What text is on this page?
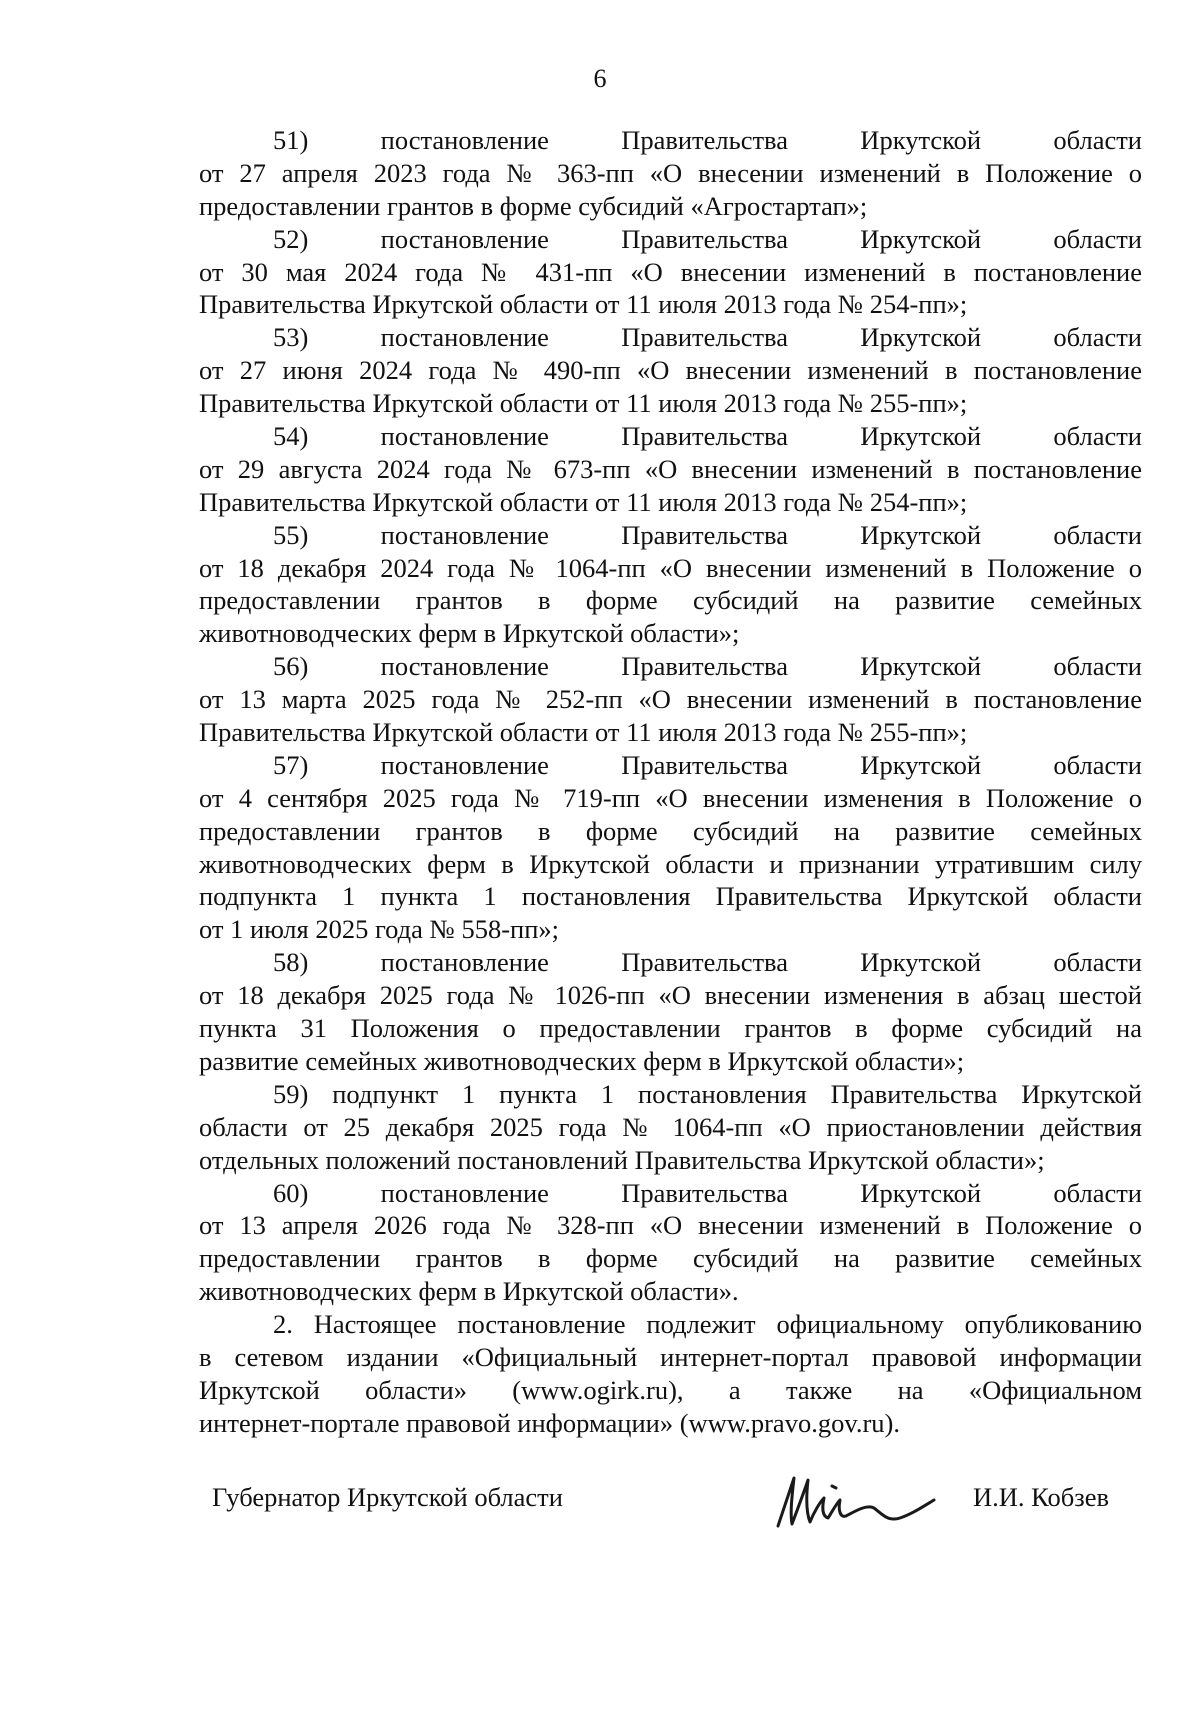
6
51) постановление Правительства Иркутской области
от 27 апреля 2023 года № 363-пп «О внесении изменений в Положение о
предоставлении грантов в форме субсидий «Агростартап»;
52) постановление Правительства Иркутской области
от 30 мая 2024 года № 431-пп «О внесении изменений в постановление
Правительства Иркутской области от 11 июля 2013 года № 254-пп»;
53) постановление Правительства Иркутской области
от 27 июня 2024 года № 490-пп «О внесении изменений в постановление
Правительства Иркутской области от 11 июля 2013 года № 255-пп»;
54) постановление Правительства Иркутской области
от 29 августа 2024 года № 673-пп «О внесении изменений в постановление
Правительства Иркутской области от 11 июля 2013 года № 254-пп»;
55) постановление Правительства Иркутской области
от 18 декабря 2024 года № 1064-пп «О внесении изменений в Положение о
предоставлении грантов в форме субсидий на развитие семейных
животноводческих ферм в Иркутской области»;
56) постановление Правительства Иркутской области
от 13 марта 2025 года № 252-пп «О внесении изменений в постановление
Правительства Иркутской области от 11 июля 2013 года № 255-пп»;
57) постановление Правительства Иркутской области
от 4 сентября 2025 года № 719-пп «О внесении изменения в Положение о
предоставлении грантов в форме субсидий на развитие семейных
животноводческих ферм в Иркутской области и признании утратившим силу
подпункта 1 пункта 1 постановления Правительства Иркутской области
от 1 июля 2025 года № 558-пп»;
58) постановление Правительства Иркутской области
от 18 декабря 2025 года № 1026-пп «О внесении изменения в абзац шестой
пункта 31 Положения о предоставлении грантов в форме субсидий на
развитие семейных животноводческих ферм в Иркутской области»;
59) подпункт 1 пункта 1 постановления Правительства Иркутской
области от 25 декабря 2025 года № 1064-пп «О приостановлении действия
отдельных положений постановлений Правительства Иркутской области»;
60) постановление Правительства Иркутской области
от 13 апреля 2026 года № 328-пп «О внесении изменений в Положение о
предоставлении грантов в форме субсидий на развитие семейных
животноводческих ферм в Иркутской области».
2. Настоящее постановление подлежит официальному опубликованию
в сетевом издании «Официальный интернет-портал правовой информации
Иркутской области» (www.ogirk.ru), а также на «Официальном
интернет-портале правовой информации» (www.pravo.gov.ru).
Губернатор Иркутской области	И.И. Кобзев
